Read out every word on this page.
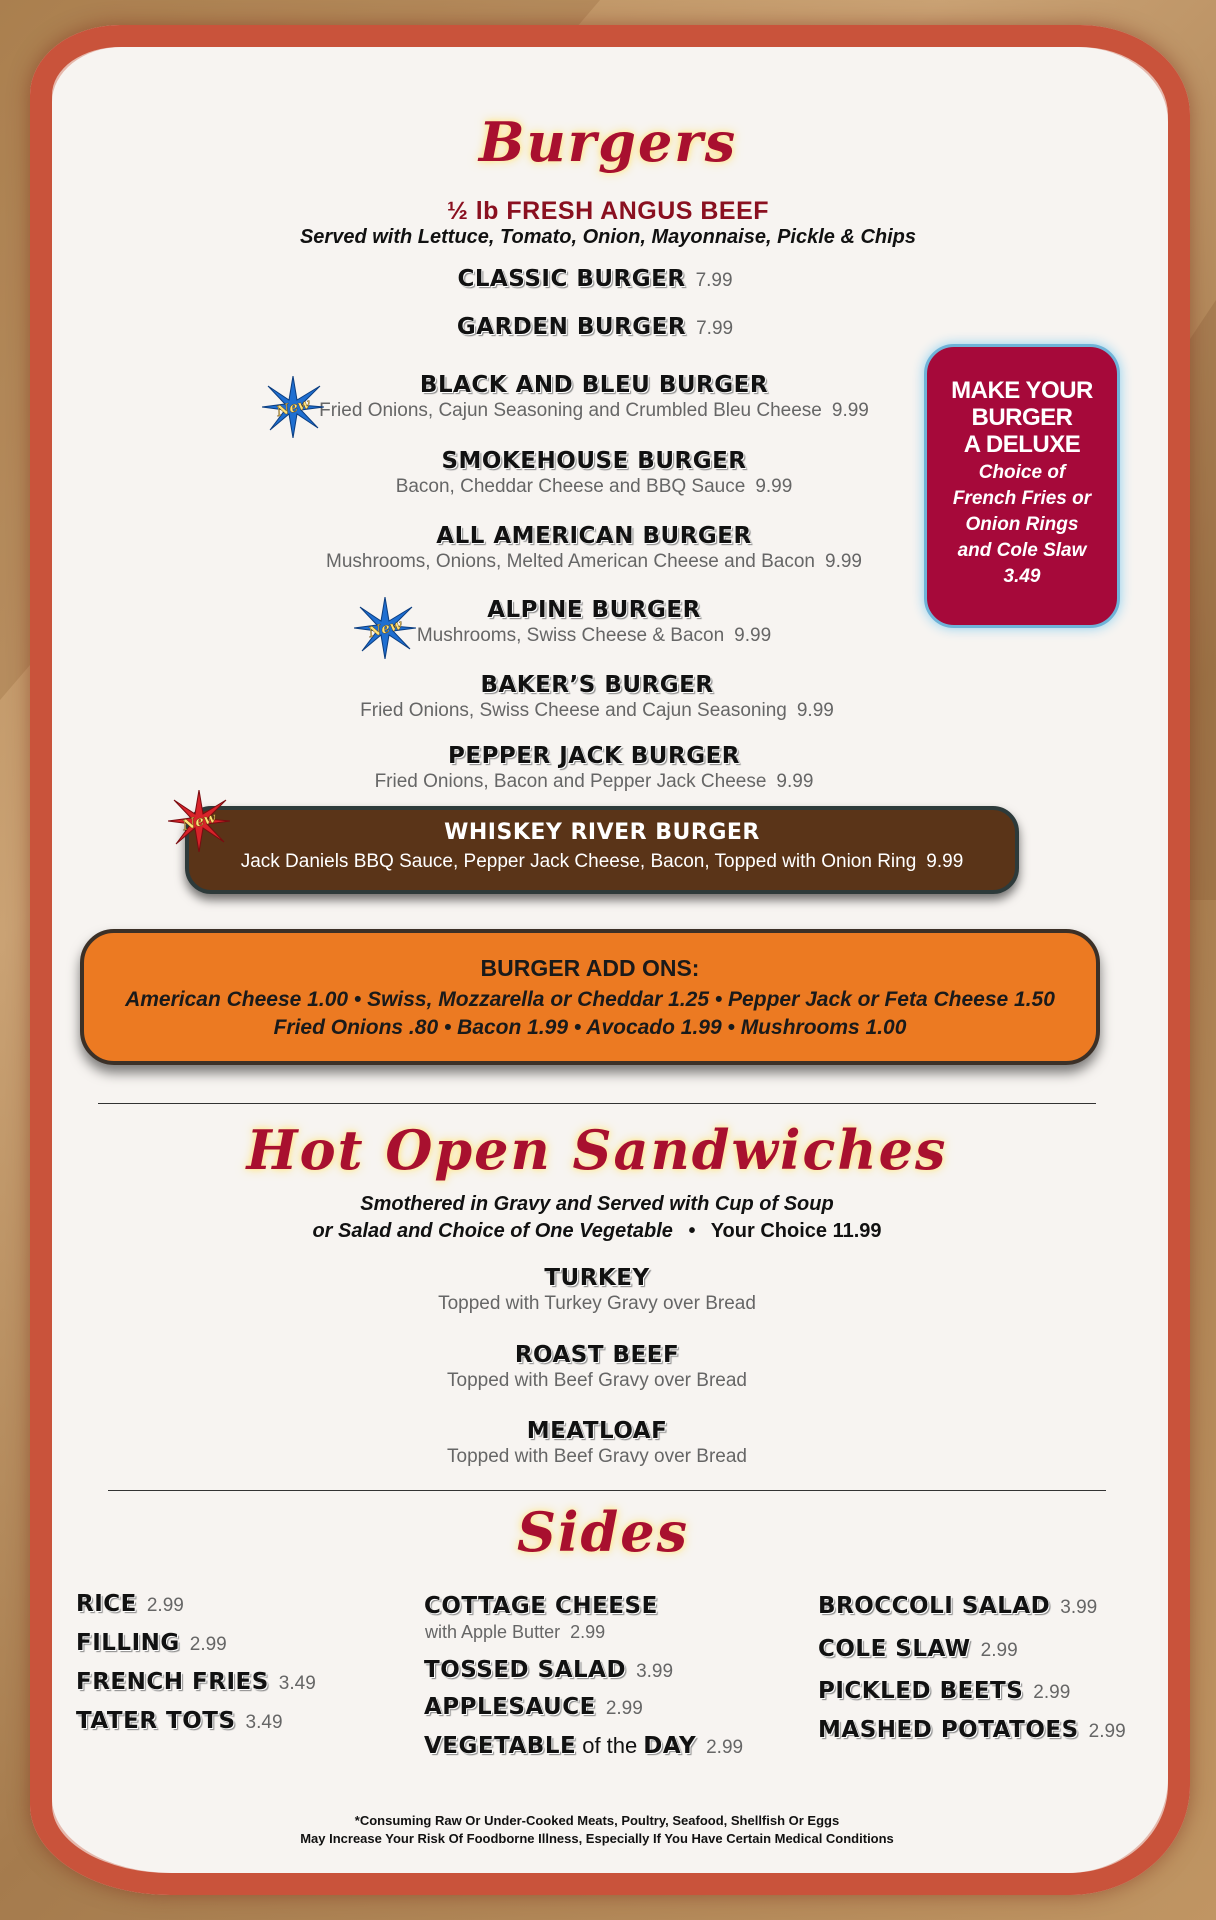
Burgers
½ lb FRESH ANGUS BEEF
Served with Lettuce, Tomato, Onion, Mayonnaise, Pickle & Chips
CLASSIC BURGER 7.99
GARDEN BURGER 7.99
BLACK AND BLEU BURGER
Fried Onions, Cajun Seasoning and Crumbled Bleu Cheese 9.99
New
SMOKEHOUSE BURGER
Bacon, Cheddar Cheese and BBQ Sauce 9.99
ALL AMERICAN BURGER
Mushrooms, Onions, Melted American Cheese and Bacon 9.99
ALPINE BURGER
Mushrooms, Swiss Cheese & Bacon 9.99
New
BAKER’S BURGER
Fried Onions, Swiss Cheese and Cajun Seasoning 9.99
PEPPER JACK BURGER
Fried Onions, Bacon and Pepper Jack Cheese 9.99
WHISKEY RIVER BURGER
Jack Daniels BBQ Sauce, Pepper Jack Cheese, Bacon, Topped with Onion Ring 9.99
New
MAKE YOUR
BURGER
A DELUXE
Choice of
French Fries or
Onion Rings
and Cole Slaw
3.49
BURGER ADD ONS:
American Cheese 1.00 • Swiss, Mozzarella or Cheddar 1.25 • Pepper Jack or Feta Cheese 1.50
Fried Onions .80 • Bacon 1.99 • Avocado 1.99 • Mushrooms 1.00
Hot Open Sandwiches
Smothered in Gravy and Served with Cup of Soup
or Salad and Choice of One Vegetable • Your Choice 11.99
TURKEY
Topped with Turkey Gravy over Bread
ROAST BEEF
Topped with Beef Gravy over Bread
MEATLOAF
Topped with Beef Gravy over Bread
Sides
RICE 2.99
FILLING 2.99
FRENCH FRIES 3.49
TATER TOTS 3.49
COTTAGE CHEESE
with Apple Butter 2.99
TOSSED SALAD 3.99
APPLESAUCE 2.99
VEGETABLE of the DAY 2.99
BROCCOLI SALAD 3.99
COLE SLAW 2.99
PICKLED BEETS 2.99
MASHED POTATOES 2.99
*Consuming Raw Or Under-Cooked Meats, Poultry, Seafood, Shellfish Or Eggs
May Increase Your Risk Of Foodborne Illness, Especially If You Have Certain Medical Conditions
